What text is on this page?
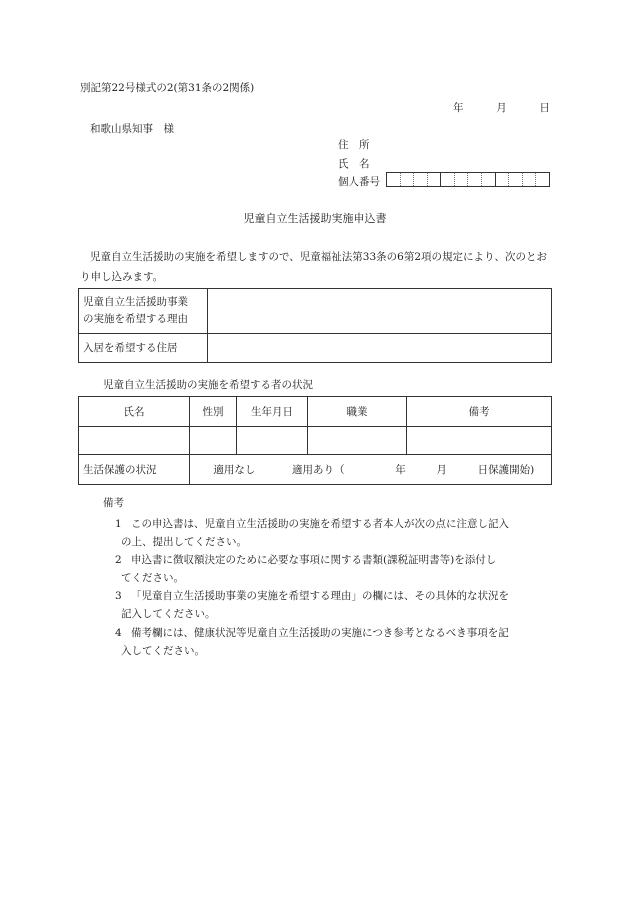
別記第22号様式の2(第31条の2関係)
年	月	日
和歌山県知事　様
住　所
氏　名
個人番号
児童自立生活援助実施申込書
児童自立生活援助の実施を希望しますので、児童福祉法第33条の6第2項の規定により、次のとおり申し込みます。
児童自立生活援助事業
の実施を希望する理由	

入居を希望する住居	
児童自立生活援助の実施を希望する者の状況
氏名	性別	生年月日	職業	備考

生活保護の状況	適用なし 適用あり（ 年 月 日保護開始)			
備考
1 この申込書は、児童自立生活援助の実施を希望する者本人が次の点に注意し記入
の上、提出してください。
2 申込書に徴収額決定のために必要な事項に関する書類(課税証明書等)を添付し
てください。
3 「児童自立生活援助事業の実施を希望する理由」の欄には、その具体的な状況を
記入してください。
4 備考欄には、健康状況等児童自立生活援助の実施につき参考となるべき事項を記
入してください。
